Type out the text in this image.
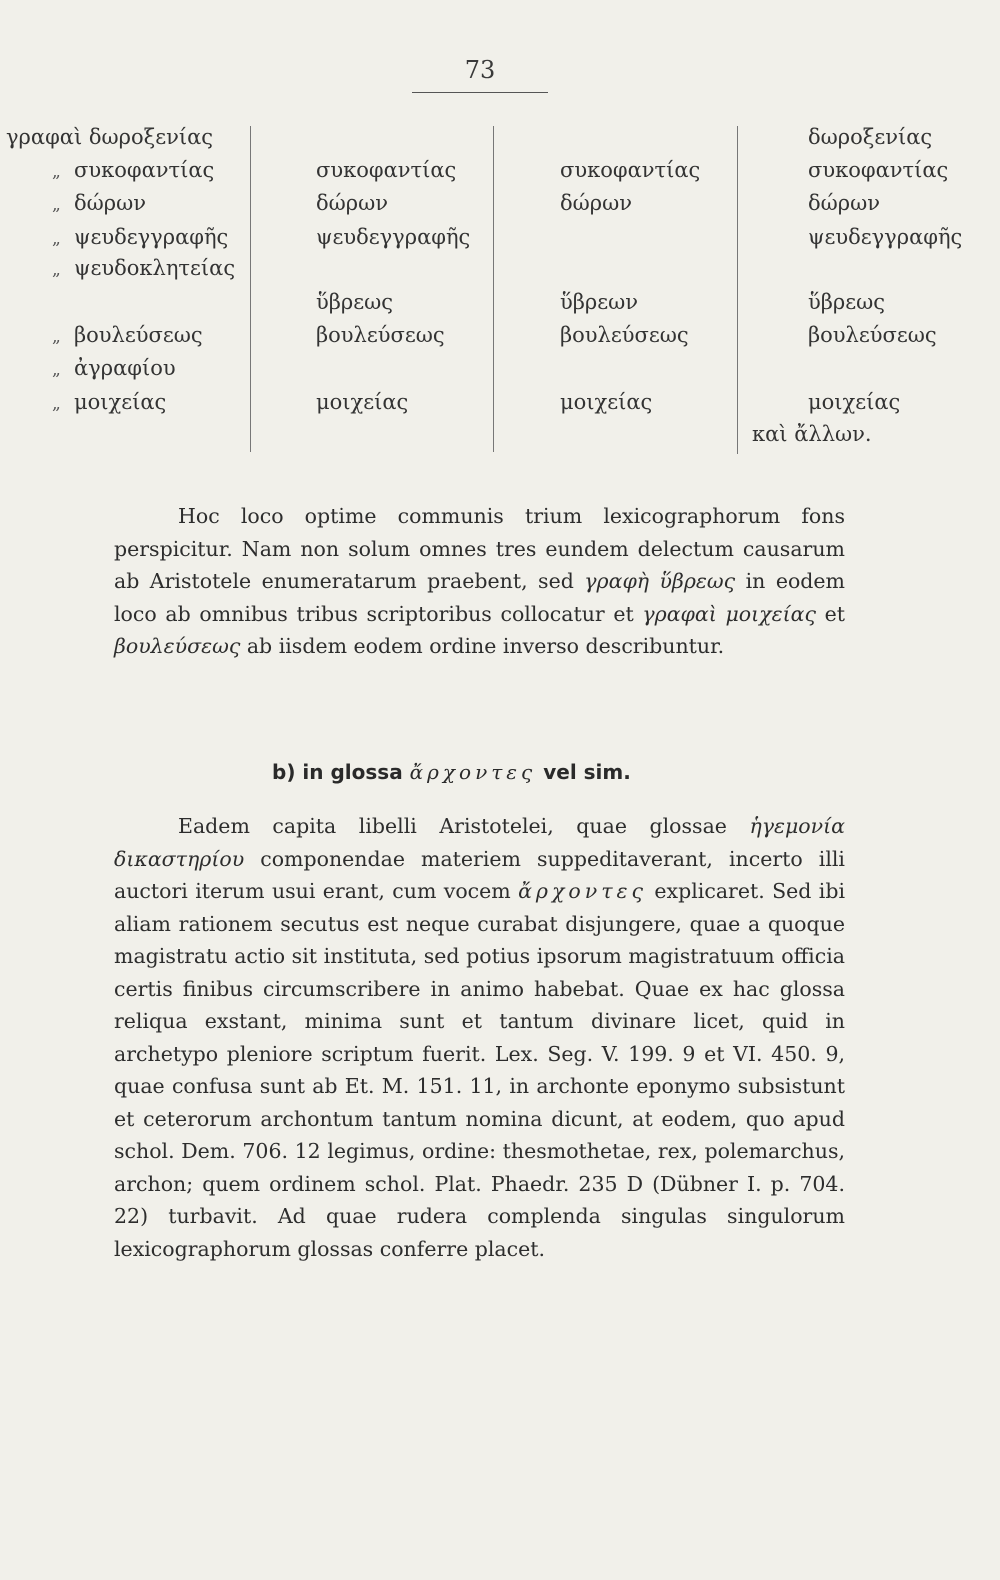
73
γραφαὶ δωροξενίας
„ συκοφαντίας
„ δώρων
„ ψευδεγγραφῆς
„ ψευδοκλητείας
„ βουλεύσεως
„ ἀγραφίου
„ μοιχείας
συκοφαντίας
δώρων
ψευδεγγραφῆς
ὕβρεως
βουλεύσεως
μοιχείας
συκοφαντίας
δώρων
ὕβρεων
βουλεύσεως
μοιχείας
δωροξενίας
συκοφαντίας
δώρων
ψευδεγγραφῆς
ὕβρεως
βουλεύσεως
μοιχείας
καὶ ἄλλων.

Hoc loco optime communis trium lexicographorum fons perspicitur. Nam non solum omnes tres eundem delectum causarum ab Aristotele enumeratarum praebent, sed γραφὴ ὕβρεως in eodem loco ab omnibus tribus scriptoribus collocatur et γραφαὶ μοιχείας et βουλεύσεως ab iisdem eodem ordine inverso describuntur.

b) in glossa ἄρχοντες vel sim.

Eadem capita libelli Aristotelei, quae glossae ἡγεμονία δικαστηρίου componendae materiem suppeditaverant, incerto illi auctori iterum usui erant, cum vocem ἄρχοντες explicaret. Sed ibi aliam rationem secutus est neque curabat disjungere, quae a quoque magistratu actio sit instituta, sed potius ipsorum magistratuum officia certis finibus circumscribere in animo habebat. Quae ex hac glossa reliqua exstant, minima sunt et tantum divinare licet, quid in archetypo pleniore scriptum fuerit. Lex. Seg. V. 199. 9 et VI. 450. 9, quae confusa sunt ab Et. M. 151. 11, in archonte eponymo subsistunt et ceterorum archontum tantum nomina dicunt, at eodem, quo apud schol. Dem. 706. 12 legimus, ordine: thesmothetae, rex, polemarchus, archon; quem ordinem schol. Plat. Phaedr. 235 D (Dübner I. p. 704. 22) turbavit. Ad quae rudera complenda singulas singulorum lexicographorum glossas conferre placet.
